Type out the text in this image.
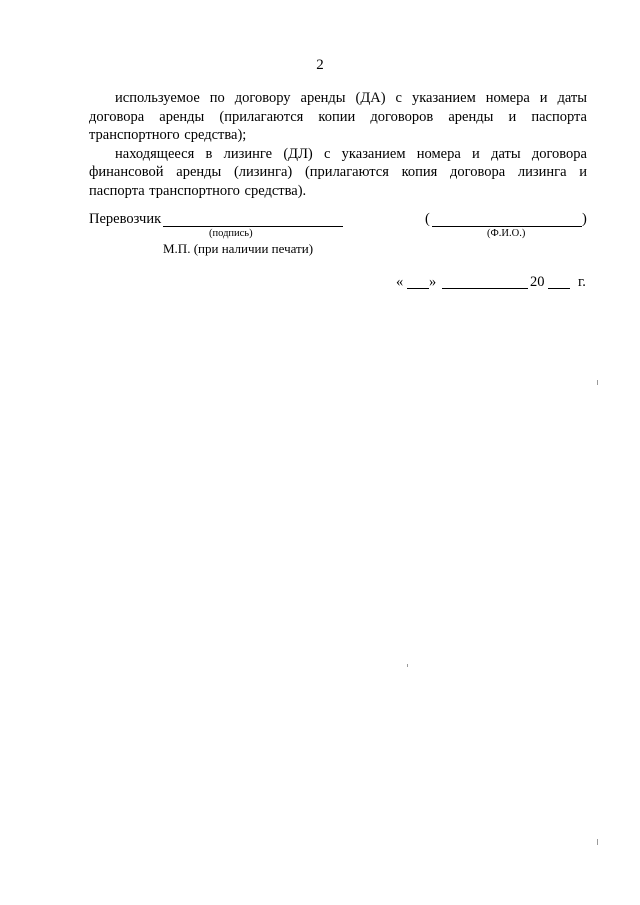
2

используемое по договору аренды (ДА) с указанием номера и даты договора аренды (прилагаются копии договоров аренды и паспорта транспортного средства);

находящееся в лизинге (ДЛ) с указанием номера и даты договора финансовой аренды (лизинга) (прилагаются копия договора лизинга и паспорта транспортного средства).

Перевозчик
(подпись)
М.П. (при наличии печати)
(	)
(Ф.И.О.)
« »	20 г.
